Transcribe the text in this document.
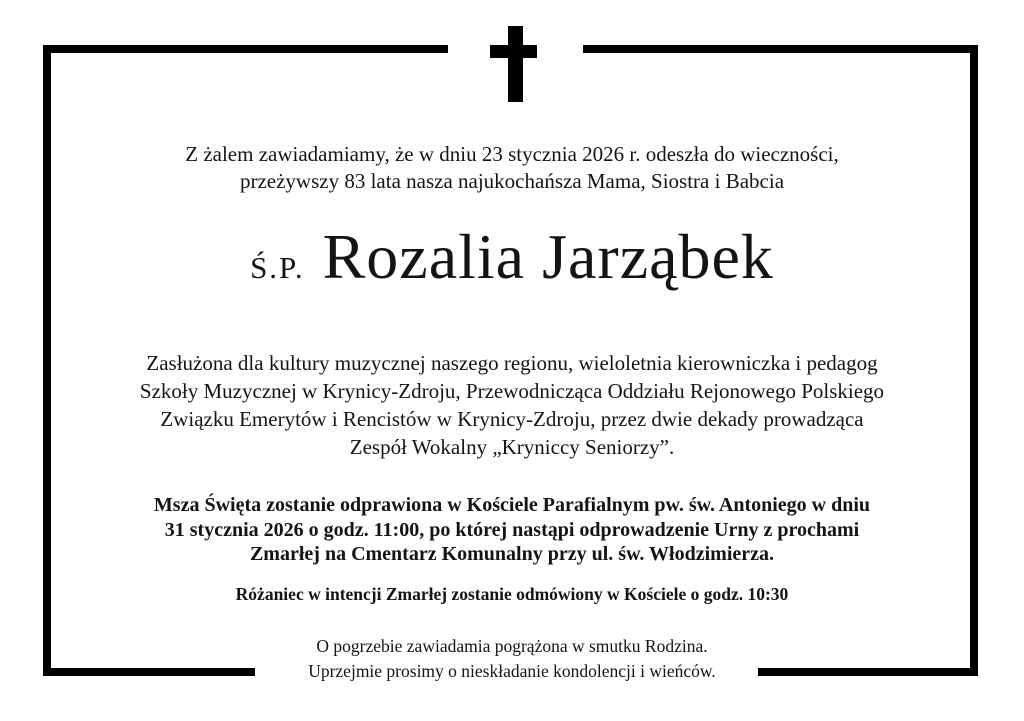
Z żalem zawiadamiamy, że w dniu 23 stycznia 2026 r. odeszła do wieczności,
przeżywszy 83 lata nasza najukochańsza Mama, Siostra i Babcia
Ś.P. Rozalia Jarząbek
Zasłużona dla kultury muzycznej naszego regionu, wieloletnia kierowniczka i pedagog
Szkoły Muzycznej w Krynicy-Zdroju, Przewodnicząca Oddziału Rejonowego Polskiego
Związku Emerytów i Rencistów w Krynicy-Zdroju, przez dwie dekady prowadząca
Zespół Wokalny „Kryniccy Seniorzy”.
Msza Święta zostanie odprawiona w Kościele Parafialnym pw. św. Antoniego w dniu
31 stycznia 2026 o godz. 11:00, po której nastąpi odprowadzenie Urny z prochami
Zmarłej na Cmentarz Komunalny przy ul. św. Włodzimierza.
Różaniec w intencji Zmarłej zostanie odmówiony w Kościele o godz. 10:30
O pogrzebie zawiadamia pogrążona w smutku Rodzina.
Uprzejmie prosimy o nieskładanie kondolencji i wieńców.
